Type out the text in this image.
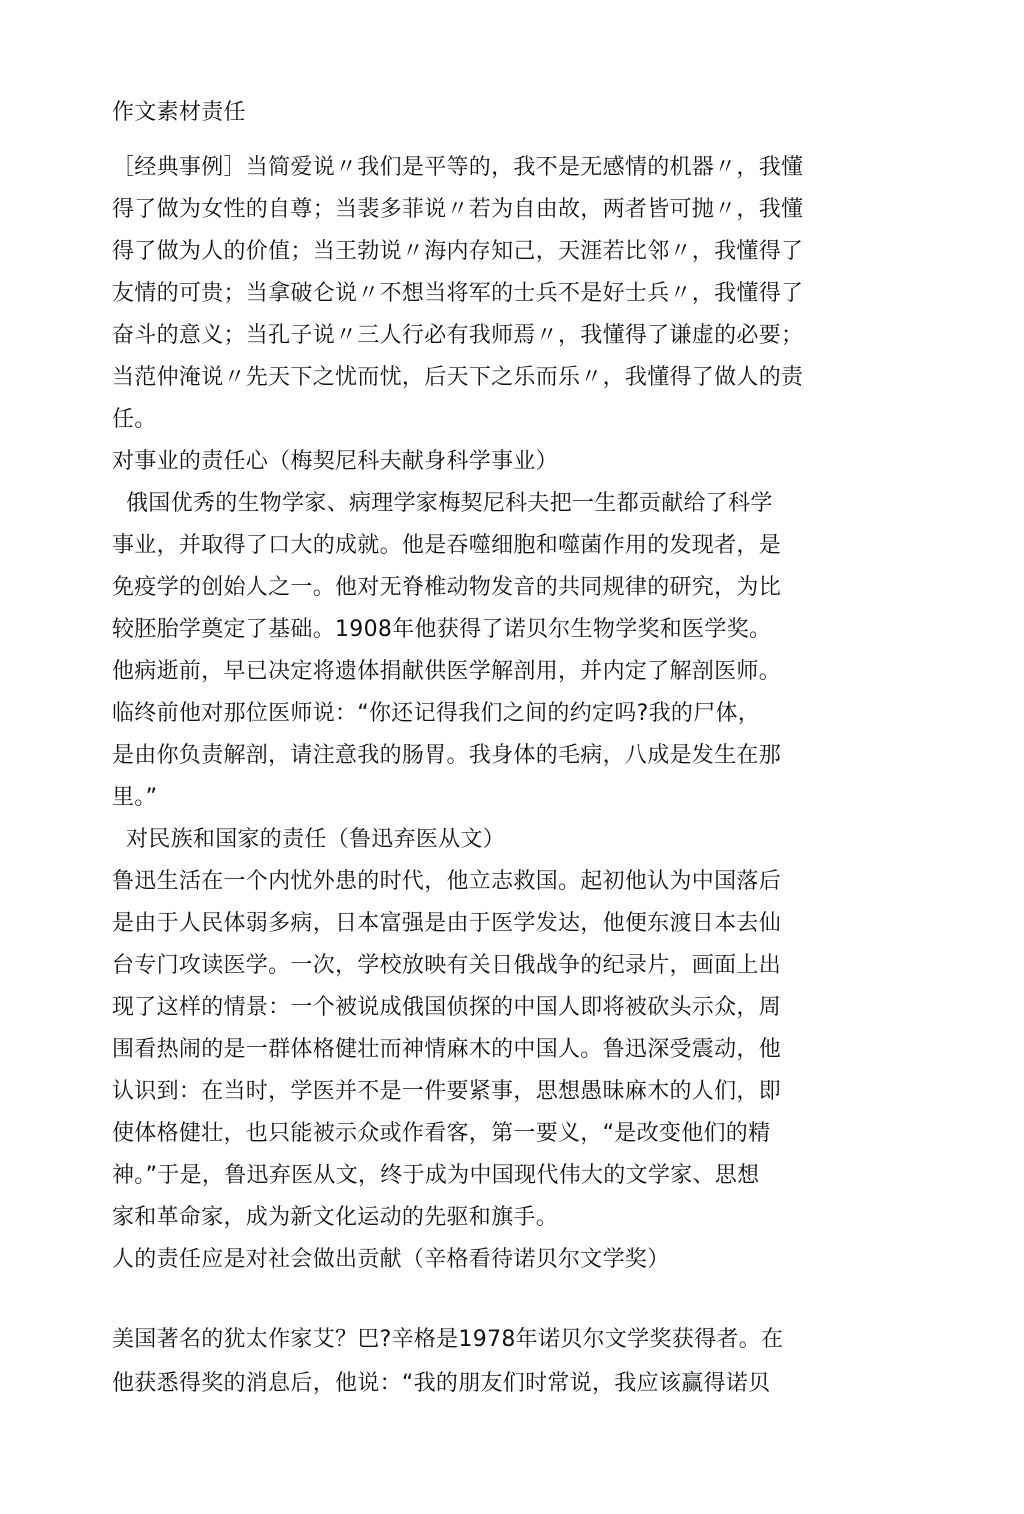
作文素材责任

［经典事例］当简爱说〃我们是平等的，我不是无感情的机器〃，我懂

得了做为女性的自尊；当裴多菲说〃若为自由故，两者皆可抛〃，我懂

得了做为人的价值；当王勃说〃海内存知己，天涯若比邻〃，我懂得了

友情的可贵；当拿破仑说〃不想当将军的士兵不是好士兵〃，我懂得了

奋斗的意义；当孔子说〃三人行必有我师焉〃，我懂得了谦虚的必要；

当范仲淹说〃先天下之忧而忧，后天下之乐而乐〃，我懂得了做人的责

任。

对事业的责任心（梅契尼科夫献身科学事业）

俄国优秀的生物学家、病理学家梅契尼科夫把一生都贡献给了科学

事业，并取得了口大的成就。他是吞噬细胞和噬菌作用的发现者，是

免疫学的创始人之一。他对无脊椎动物发音的共同规律的研究，为比

较胚胎学奠定了基础。1908年他获得了诺贝尔生物学奖和医学奖。

他病逝前，早已决定将遗体捐献供医学解剖用，并内定了解剖医师。

临终前他对那位医师说：“你还记得我们之间的约定吗?我的尸体，

是由你负责解剖，请注意我的肠胃。我身体的毛病，八成是发生在那

里。”

对民族和国家的责任（鲁迅弃医从文）

鲁迅生活在一个内忧外患的时代，他立志救国。起初他认为中国落后

是由于人民体弱多病，日本富强是由于医学发达，他便东渡日本去仙

台专门攻读医学。一次，学校放映有关日俄战争的纪录片，画面上出

现了这样的情景：一个被说成俄国侦探的中国人即将被砍头示众，周

围看热闹的是一群体格健壮而神情麻木的中国人。鲁迅深受震动，他

认识到：在当时，学医并不是一件要紧事，思想愚昧麻木的人们，即

使体格健壮，也只能被示众或作看客，第一要义，“是改变他们的精

神。”于是，鲁迅弃医从文，终于成为中国现代伟大的文学家、思想

家和革命家，成为新文化运动的先驱和旗手。

人的责任应是对社会做出贡献（辛格看待诺贝尔文学奖）

美国著名的犹太作家艾？巴?辛格是1978年诺贝尔文学奖获得者。在

他获悉得奖的消息后，他说：“我的朋友们时常说，我应该赢得诺贝
